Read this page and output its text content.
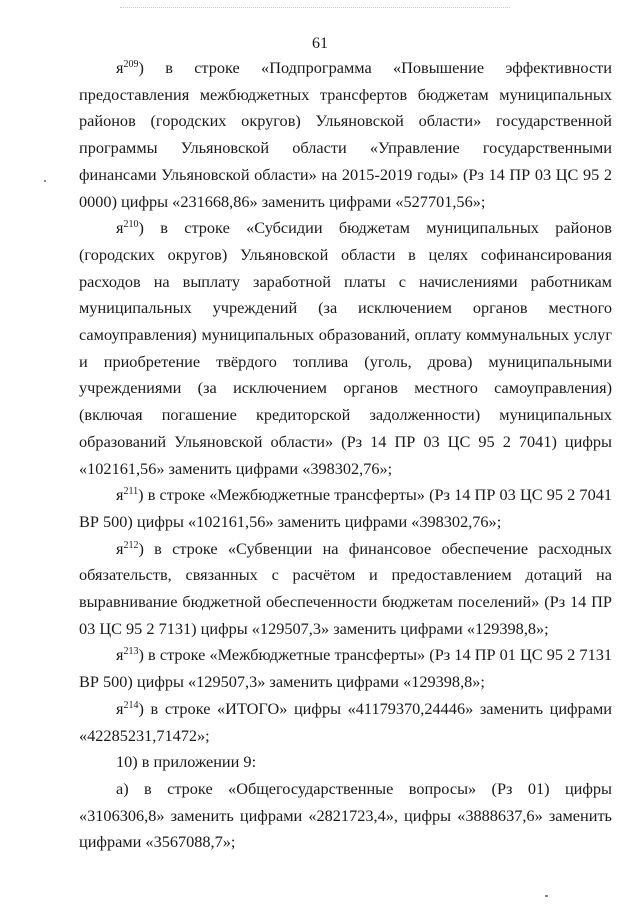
61

$я^{209}$) в строке «Подпрограмма «Повышение эффективности предоставления межбюджетных трансфертов бюджетам муниципальных районов (городских округов) Ульяновской области» государственной программы Ульяновской области «Управление государственными финансами Ульяновской области» на 2015-2019 годы» (Рз 14 ПР 03 ЦС 95 2 0000) цифры «231668,86» заменить цифрами «527701,56»;

$я^{210}$) в строке «Субсидии бюджетам муниципальных районов (городских округов) Ульяновской области в целях софинансирования расходов на выплату заработной платы с начислениями работникам муниципальных учреждений (за исключением органов местного самоуправления) муниципальных образований, оплату коммунальных услуг и приобретение твёрдого топлива (уголь, дрова) муниципальными учреждениями (за исключением органов местного самоуправления) (включая погашение кредиторской задолженности) муниципальных образований Ульяновской области» (Рз 14 ПР 03 ЦС 95 2 7041) цифры «102161,56» заменить цифрами «398302,76»;

$я^{211}$) в строке «Межбюджетные трансферты» (Рз 14 ПР 03 ЦС 95 2 7041 ВР 500) цифры «102161,56» заменить цифрами «398302,76»;

$я^{212}$) в строке «Субвенции на финансовое обеспечение расходных обязательств, связанных с расчётом и предоставлением дотаций на выравнивание бюджетной обеспеченности бюджетам поселений» (Рз 14 ПР 03 ЦС 95 2 7131) цифры «129507,3» заменить цифрами «129398,8»;

$я^{213}$) в строке «Межбюджетные трансферты» (Рз 14 ПР 01 ЦС 95 2 7131 ВР 500) цифры «129507,3» заменить цифрами «129398,8»;

$я^{214}$) в строке «ИТОГО» цифры «41179370,24446» заменить цифрами «42285231,71472»;

10) в приложении 9:

а) в строке «Общегосударственные вопросы» (Рз 01) цифры «3106306,8» заменить цифрами «2821723,4», цифры «3888637,6» заменить цифрами «3567088,7»;
